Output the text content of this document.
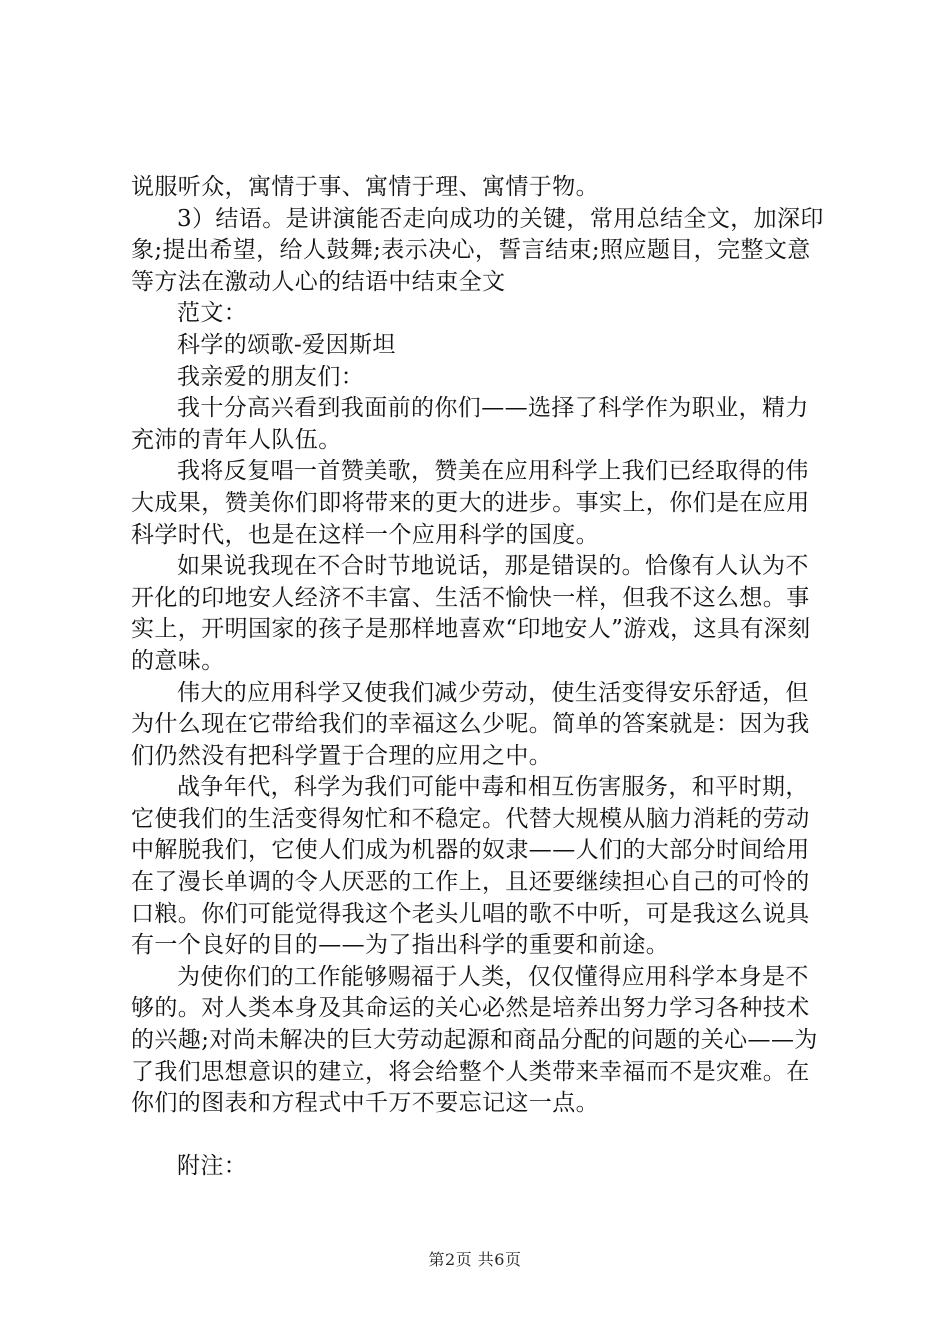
说服听众，寓情于事、寓情于理、寓情于物。

3）结语。是讲演能否走向成功的关键，常用总结全文，加深印象;提出希望，给人鼓舞;表示决心，誓言结束;照应题目，完整文意等方法在激动人心的结语中结束全文

范文：

科学的颂歌-爱因斯坦

我亲爱的朋友们：

我十分高兴看到我面前的你们——选择了科学作为职业，精力充沛的青年人队伍。

我将反复唱一首赞美歌，赞美在应用科学上我们已经取得的伟大成果，赞美你们即将带来的更大的进步。事实上，你们是在应用科学时代，也是在这样一个应用科学的国度。

如果说我现在不合时节地说话，那是错误的。恰像有人认为不开化的印地安人经济不丰富、生活不愉快一样，但我不这么想。事实上，开明国家的孩子是那样地喜欢“印地安人”游戏，这具有深刻的意味。

伟大的应用科学又使我们减少劳动，使生活变得安乐舒适，但为什么现在它带给我们的幸福这么少呢。简单的答案就是：因为我们仍然没有把科学置于合理的应用之中。

战争年代，科学为我们可能中毒和相互伤害服务，和平时期，它使我们的生活变得匆忙和不稳定。代替大规模从脑力消耗的劳动中解脱我们，它使人们成为机器的奴隶——人们的大部分时间给用在了漫长单调的令人厌恶的工作上，且还要继续担心自己的可怜的口粮。你们可能觉得我这个老头儿唱的歌不中听，可是我这么说具有一个良好的目的——为了指出科学的重要和前途。

为使你们的工作能够赐福于人类，仅仅懂得应用科学本身是不够的。对人类本身及其命运的关心必然是培养出努力学习各种技术的兴趣;对尚未解决的巨大劳动起源和商品分配的问题的关心——为了我们思想意识的建立，将会给整个人类带来幸福而不是灾难。在你们的图表和方程式中千万不要忘记这一点。

附注：

第2页 共6页
